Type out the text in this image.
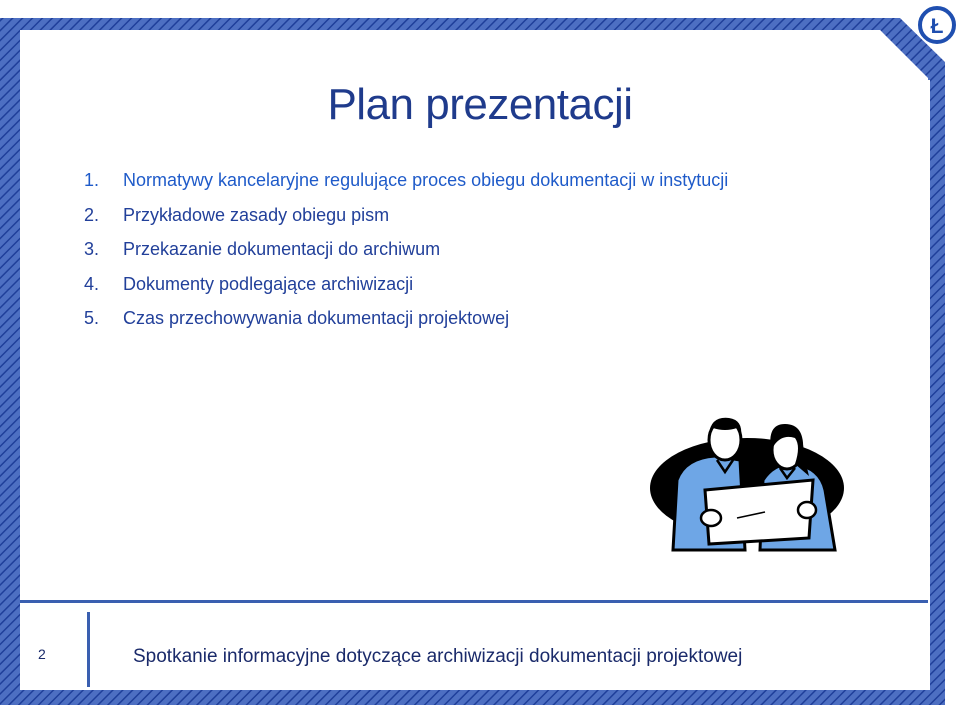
Ł
Plan prezentacji
1.	Normatywy kancelaryjne regulujące proces obiegu dokumentacji w instytucji
2.	Przykładowe zasady obiegu pism
3.	Przekazanie dokumentacji do archiwum
4.	Dokumenty podlegające archiwizacji
5.	Czas przechowywania dokumentacji projektowej
2	Spotkanie informacyjne dotyczące archiwizacji dokumentacji projektowej
